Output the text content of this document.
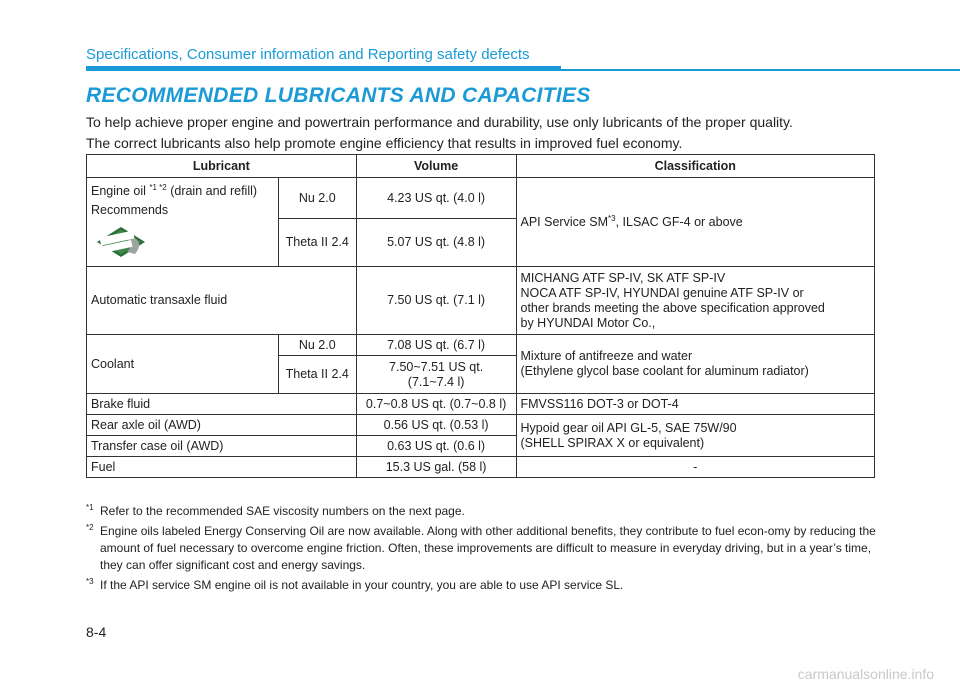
Specifications, Consumer information and Reporting safety defects
RECOMMENDED LUBRICANTS AND CAPACITIES
To help achieve proper engine and powertrain performance and durability, use only lubricants of the proper quality.
The correct lubricants also help promote engine efficiency that results in improved fuel economy.
Lubricant		Volume	Classification

Engine oil $^{*1}$ $^{*2}$ (drain and refill)
Recommends	Nu 2.0	4.23 US qt. (4.0 l)	API Service SM$^{*3}$, ILSAC GF-4 or above
	Theta II 2.4	5.07 US qt. (4.8 l)	
Automatic transaxle fluid		7.50 US qt. (7.1 l)	MICHANG ATF SP-IV, SK ATF SP-IV
NOCA ATF SP-IV, HYUNDAI genuine ATF SP-IV or
other brands meeting the above specification approved
by HYUNDAI Motor Co.,

Coolant	Nu 2.0	7.08 US qt. (6.7 l)	Mixture of antifreeze and water
(Ethylene glycol base coolant for aluminum radiator)

	Theta II 2.4	7.50~7.51 US qt.
(7.1~7.4 l)	

Brake fluid		0.7~0.8 US qt. (0.7~0.8 l)	FMVSS116 DOT-3 or DOT-4
Rear axle oil (AWD)		0.56 US qt. (0.53 l)	Hypoid gear oil API GL-5, SAE 75W/90
(SHELL SPIRAX X or equivalent)

Transfer case oil (AWD)		0.63 US qt. (0.6 l)	
Fuel		15.3 US gal. (58 l)	-
*1 Refer to the recommended SAE viscosity numbers on the next page.
*2 Engine oils labeled Energy Conserving Oil are now available. Along with other additional benefits, they contribute to fuel econ-omy by reducing the amount of fuel necessary to overcome engine friction. Often, these improvements are difficult to measure in everyday driving, but in a year’s time, they can offer significant cost and energy savings.
*3 If the API service SM engine oil is not available in your country, you are able to use API service SL.
8-4
carmanualsonline.info
